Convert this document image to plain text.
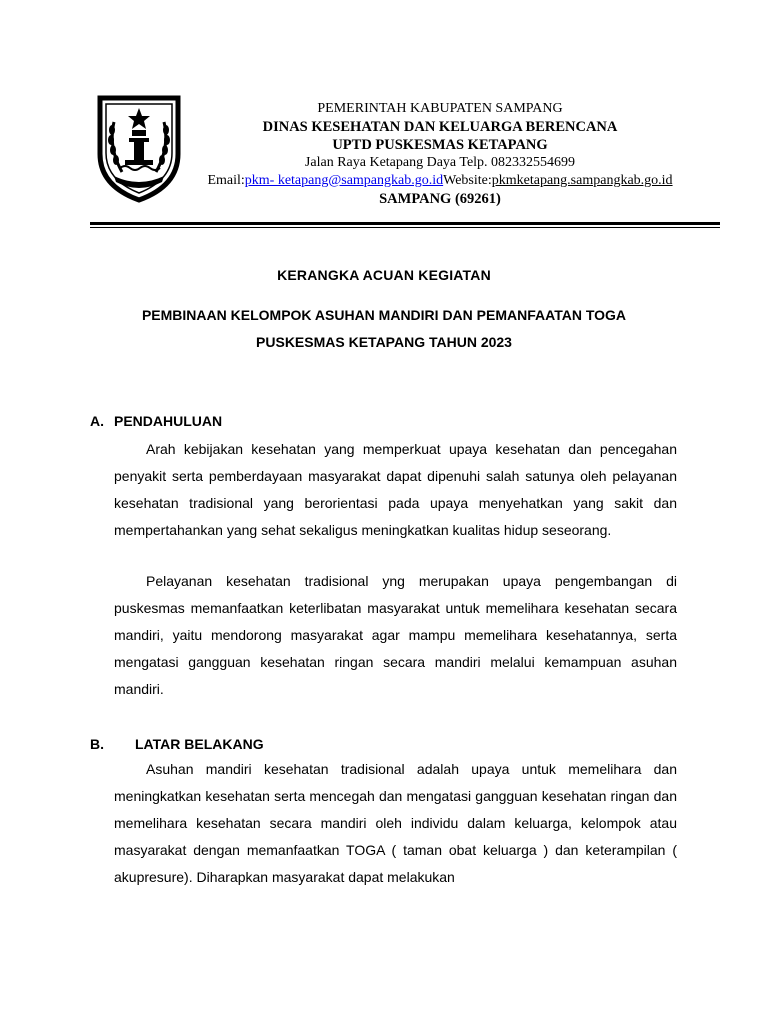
PEMERINTAH KABUPATEN SAMPANG
DINAS KESEHATAN DAN KELUARGA BERENCANA
UPTD PUSKESMAS KETAPANG
Jalan Raya Ketapang Daya Telp. 082332554699
Email:pkm- ketapang@sampangkab.go.idWebsite:pkmketapang.sampangkab.go.id
SAMPANG (69261)
KERANGKA ACUAN KEGIATAN
PEMBINAAN KELOMPOK ASUHAN MANDIRI DAN PEMANFAATAN TOGA
PUSKESMAS KETAPANG TAHUN 2023
A. PENDAHULUAN

Arah kebijakan kesehatan yang memperkuat upaya kesehatan dan pencegahan penyakit serta pemberdayaan masyarakat dapat dipenuhi salah satunya oleh pelayanan kesehatan tradisional yang berorientasi pada upaya menyehatkan yang sakit dan mempertahankan yang sehat sekaligus meningkatkan kualitas hidup seseorang.

Pelayanan kesehatan tradisional yng merupakan upaya pengembangan di puskesmas memanfaatkan keterlibatan masyarakat untuk memelihara kesehatan secara mandiri, yaitu mendorong masyarakat agar mampu memelihara kesehatannya, serta mengatasi gangguan kesehatan ringan secara mandiri melalui kemampuan asuhan mandiri.

B. LATAR BELAKANG

Asuhan mandiri kesehatan tradisional adalah upaya untuk memelihara dan meningkatkan kesehatan serta mencegah dan mengatasi gangguan kesehatan ringan dan memelihara kesehatan secara mandiri oleh individu dalam keluarga, kelompok atau masyarakat dengan memanfaatkan TOGA ( taman obat keluarga ) dan keterampilan ( akupresure). Diharapkan masyarakat dapat melakukan
